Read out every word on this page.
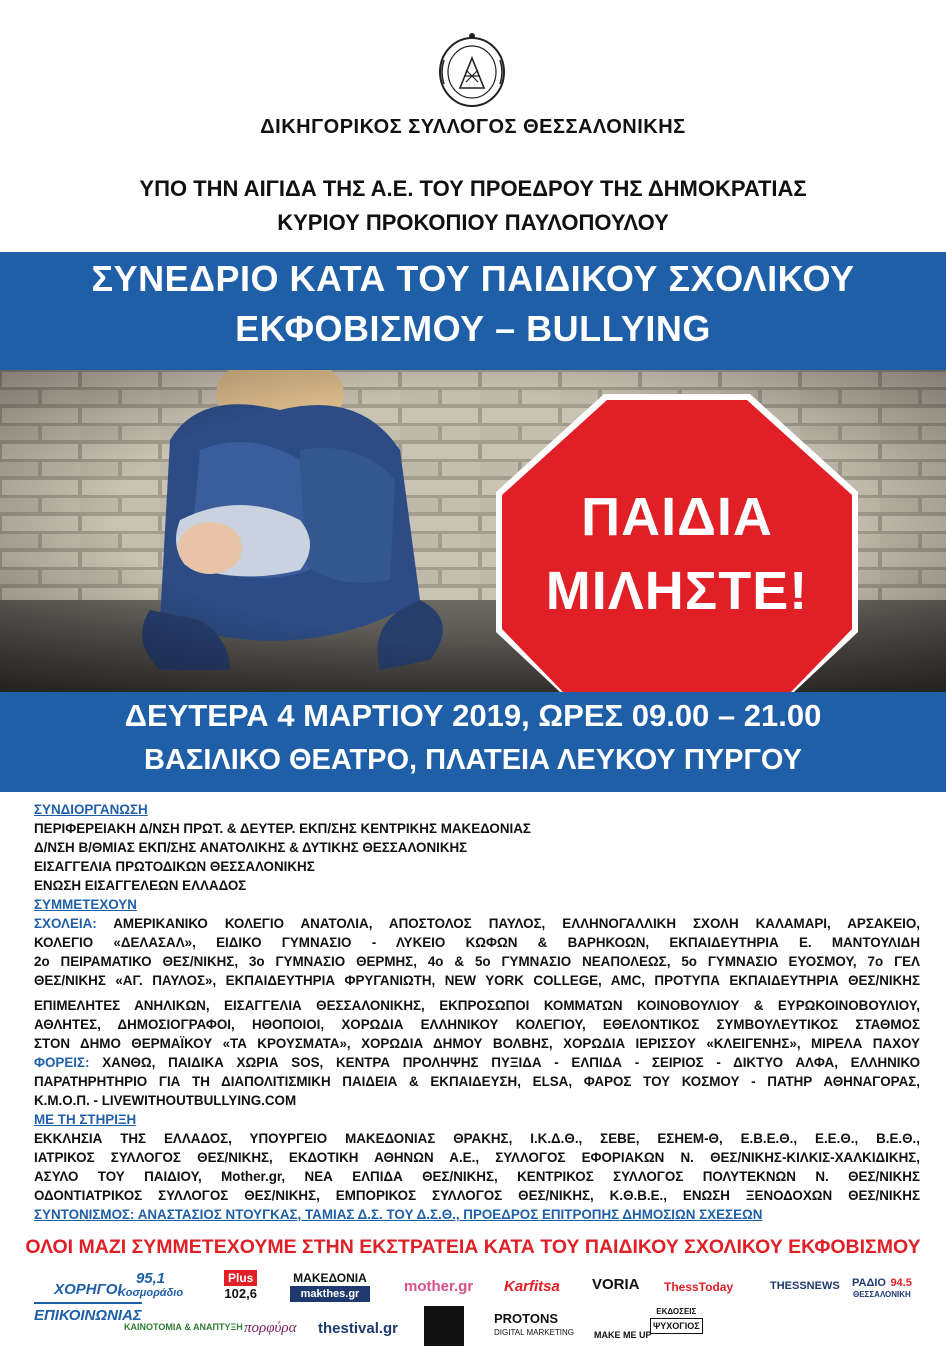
ΔΙΚΗΓΟΡΙΚΟΣ ΣΥΛΛΟΓΟΣ ΘΕΣΣΑΛΟΝΙΚΗΣ
ΥΠΟ ΤΗΝ ΑΙΓΙΔΑ ΤΗΣ Α.Ε. ΤΟΥ ΠΡΟΕΔΡΟΥ ΤΗΣ ΔΗΜΟΚΡΑΤΙΑΣ
ΚΥΡΙΟΥ ΠΡΟΚΟΠΙΟΥ ΠΑΥΛΟΠΟΥΛΟΥ
ΣΥΝΕΔΡΙΟ ΚΑΤΑ ΤΟΥ ΠΑΙΔΙΚΟΥ ΣΧΟΛΙΚΟΥ
ΕΚΦΟΒΙΣΜΟΥ – BULLYING
ΠΑΙΔΙΑ
ΜΙΛΗΣΤΕ!
ΔΕΥΤΕΡΑ 4 ΜΑΡΤΙΟΥ 2019, ΩΡΕΣ 09.00 – 21.00
ΒΑΣΙΛΙΚΟ ΘΕΑΤΡΟ, ΠΛΑΤΕΙΑ ΛΕΥΚΟΥ ΠΥΡΓΟΥ

ΣΥΝΔΙΟΡΓΑΝΩΣΗ

ΠΕΡΙΦΕΡΕΙΑΚΗ Δ/ΝΣΗ ΠΡΩΤ. & ΔΕΥΤΕΡ. ΕΚΠ/ΣΗΣ ΚΕΝΤΡΙΚΗΣ ΜΑΚΕΔΟΝΙΑΣ

Δ/ΝΣΗ Β/ΘΜΙΑΣ ΕΚΠ/ΣΗΣ ΑΝΑΤΟΛΙΚΗΣ & ΔΥΤΙΚΗΣ ΘΕΣΣΑΛΟΝΙΚΗΣ

ΕΙΣΑΓΓΕΛΙΑ ΠΡΩΤΟΔΙΚΩΝ ΘΕΣΣΑΛΟΝΙΚΗΣ

ΕΝΩΣΗ ΕΙΣΑΓΓΕΛΕΩΝ ΕΛΛΑΔΟΣ

ΣΥΜΜΕΤΕΧΟΥΝ

ΣΧΟΛΕΙΑ: ΑΜΕΡΙΚΑΝΙΚΟ ΚΟΛΕΓΙΟ ΑΝΑΤΟΛΙΑ, ΑΠΟΣΤΟΛΟΣ ΠΑΥΛΟΣ, ΕΛΛΗΝΟΓΑΛΛΙΚΗ ΣΧΟΛΗ ΚΑΛΑΜΑΡΙ, ΑΡΣΑΚΕΙΟ,

ΚΟΛΕΓΙΟ «ΔΕΛΑΣΑΛ», ΕΙΔΙΚΟ ΓΥΜΝΑΣΙΟ - ΛΥΚΕΙΟ ΚΩΦΩΝ & ΒΑΡΗΚΟΩΝ, ΕΚΠΑΙΔΕΥΤΗΡΙΑ Ε. ΜΑΝΤΟΥΛΙΔΗ

2ο ΠΕΙΡΑΜΑΤΙΚΟ ΘΕΣ/ΝΙΚΗΣ, 3ο ΓΥΜΝΑΣΙΟ ΘΕΡΜΗΣ, 4ο & 5ο ΓΥΜΝΑΣΙΟ ΝΕΑΠΟΛΕΩΣ, 5ο ΓΥΜΝΑΣΙΟ ΕΥΟΣΜΟΥ, 7ο ΓΕΛ

ΘΕΣ/ΝΙΚΗΣ «ΑΓ. ΠΑΥΛΟΣ», ΕΚΠΑΙΔΕΥΤΗΡΙΑ ΦΡΥΓΑΝΙΩΤΗ, NEW YORK COLLEGE, AMC, ΠΡΟΤΥΠΑ ΕΚΠΑΙΔΕΥΤΗΡΙΑ ΘΕΣ/ΝΙΚΗΣ

ΕΠΙΜΕΛΗΤΕΣ ΑΝΗΛΙΚΩΝ, ΕΙΣΑΓΓΕΛΙΑ ΘΕΣΣΑΛΟΝΙΚΗΣ, ΕΚΠΡΟΣΩΠΟΙ ΚΟΜΜΑΤΩΝ ΚΟΙΝΟΒΟΥΛΙΟΥ & ΕΥΡΩΚΟΙΝΟΒΟΥΛΙΟΥ,

ΑΘΛΗΤΕΣ, ΔΗΜΟΣΙΟΓΡΑΦΟΙ, ΗΘΟΠΟΙΟΙ, ΧΟΡΩΔΙΑ ΕΛΛΗΝΙΚΟΥ ΚΟΛΕΓΙΟΥ, ΕΘΕΛΟΝΤΙΚΟΣ ΣΥΜΒΟΥΛΕΥΤΙΚΟΣ ΣΤΑΘΜΟΣ

ΣΤΟΝ ΔΗΜΟ ΘΕΡΜΑΪΚΟΥ «ΤΑ ΚΡΟΥΣΜΑΤΑ», ΧΟΡΩΔΙΑ ΔΗΜΟΥ ΒΟΛΒΗΣ, ΧΟΡΩΔΙΑ ΙΕΡΙΣΣΟΥ «ΚΛΕΙΓΕΝΗΣ», ΜΙΡΕΛΑ ΠΑΧΟΥ

ΦΟΡΕΙΣ: ΧΑΝΘΩ, ΠΑΙΔΙΚΑ ΧΩΡΙΑ SOS, ΚΕΝΤΡΑ ΠΡΟΛΗΨΗΣ ΠΥΞΙΔΑ - ΕΛΠΙΔΑ - ΣΕΙΡΙΟΣ - ΔΙΚΤΥΟ ΑΛΦΑ, ΕΛΛΗΝΙΚΟ

ΠΑΡΑΤΗΡΗΤΗΡΙΟ ΓΙΑ ΤΗ ΔΙΑΠΟΛΙΤΙΣΜΙΚΗ ΠΑΙΔΕΙΑ & ΕΚΠΑΙΔΕΥΣΗ, ELSA, ΦΑΡΟΣ ΤΟΥ ΚΟΣΜΟΥ - ΠΑΤΗΡ ΑΘΗΝΑΓΟΡΑΣ,

Κ.Μ.Ο.Π. - LIVEWITHOUTBULLYING.COM

ΜΕ ΤΗ ΣΤΗΡΙΞΗ

ΕΚΚΛΗΣΙΑ ΤΗΣ ΕΛΛΑΔΟΣ, ΥΠΟΥΡΓΕΙΟ ΜΑΚΕΔΟΝΙΑΣ ΘΡΑΚΗΣ, Ι.Κ.Δ.Θ., ΣΕΒΕ, ΕΣΗΕΜ-Θ, Ε.Β.Ε.Θ., Ε.Ε.Θ., Β.Ε.Θ.,

ΙΑΤΡΙΚΟΣ ΣΥΛΛΟΓΟΣ ΘΕΣ/ΝΙΚΗΣ, ΕΚΔΟΤΙΚΗ ΑΘΗΝΩΝ Α.Ε., ΣΥΛΛΟΓΟΣ ΕΦΟΡΙΑΚΩΝ Ν. ΘΕΣ/ΝΙΚΗΣ-ΚΙΛΚΙΣ-ΧΑΛΚΙΔΙΚΗΣ,

ΑΣΥΛΟ ΤΟΥ ΠΑΙΔΙΟΥ, Mother.gr, ΝΕΑ ΕΛΠΙΔΑ ΘΕΣ/ΝΙΚΗΣ, ΚΕΝΤΡΙΚΟΣ ΣΥΛΛΟΓΟΣ ΠΟΛΥΤΕΚΝΩΝ Ν. ΘΕΣ/ΝΙΚΗΣ

ΟΔΟΝΤΙΑΤΡΙΚΟΣ ΣΥΛΛΟΓΟΣ ΘΕΣ/ΝΙΚΗΣ, ΕΜΠΟΡΙΚΟΣ ΣΥΛΛΟΓΟΣ ΘΕΣ/ΝΙΚΗΣ, Κ.Θ.Β.Ε., ΕΝΩΣΗ ΞΕΝΟΔΟΧΩΝ ΘΕΣ/ΝΙΚΗΣ

ΣΥΝΤΟΝΙΣΜΟΣ: ΑΝΑΣΤΑΣΙΟΣ ΝΤΟΥΓΚΑΣ, ΤΑΜΙΑΣ Δ.Σ. ΤΟΥ Δ.Σ.Θ., ΠΡΟΕΔΡΟΣ ΕΠΙΤΡΟΠΗΣ ΔΗΜΟΣΙΩΝ ΣΧΕΣΕΩΝ

ΟΛΟΙ ΜΑΖΙ ΣΥΜΜΕΤΕΧΟΥΜΕ ΣΤΗΝ ΕΚΣΤΡΑΤΕΙΑ ΚΑΤΑ ΤΟΥ ΠΑΙΔΙΚΟΥ ΣΧΟΛΙΚΟΥ ΕΚΦΟΒΙΣΜΟΥ
ΧΟΡΗΓΟΙ
ΕΠΙΚΟΙΝΩΝΙΑΣ
95,1
Κοσμοράδιο
Plus
102,6
ΜΑΚΕΔΟΝΙΑ
makthes.gr	mother.gr Karfitsa VORIA ThessToday	THESSNEWS ΡΑΔΙΟ 94.5
ΘΕΣΣΑΛΟΝΙΚΗ
ΚΑΙΝΟΤΟΜΙΑ & ΑΝΑΠΤΥΞΗ πορφύρα thestival.gr
PROTONS
DIGITAL MARKETING MAKE ME UP
ΕΚΔΟΣΕΙΣ
ΨΥΧΟΓΙΟΣ
